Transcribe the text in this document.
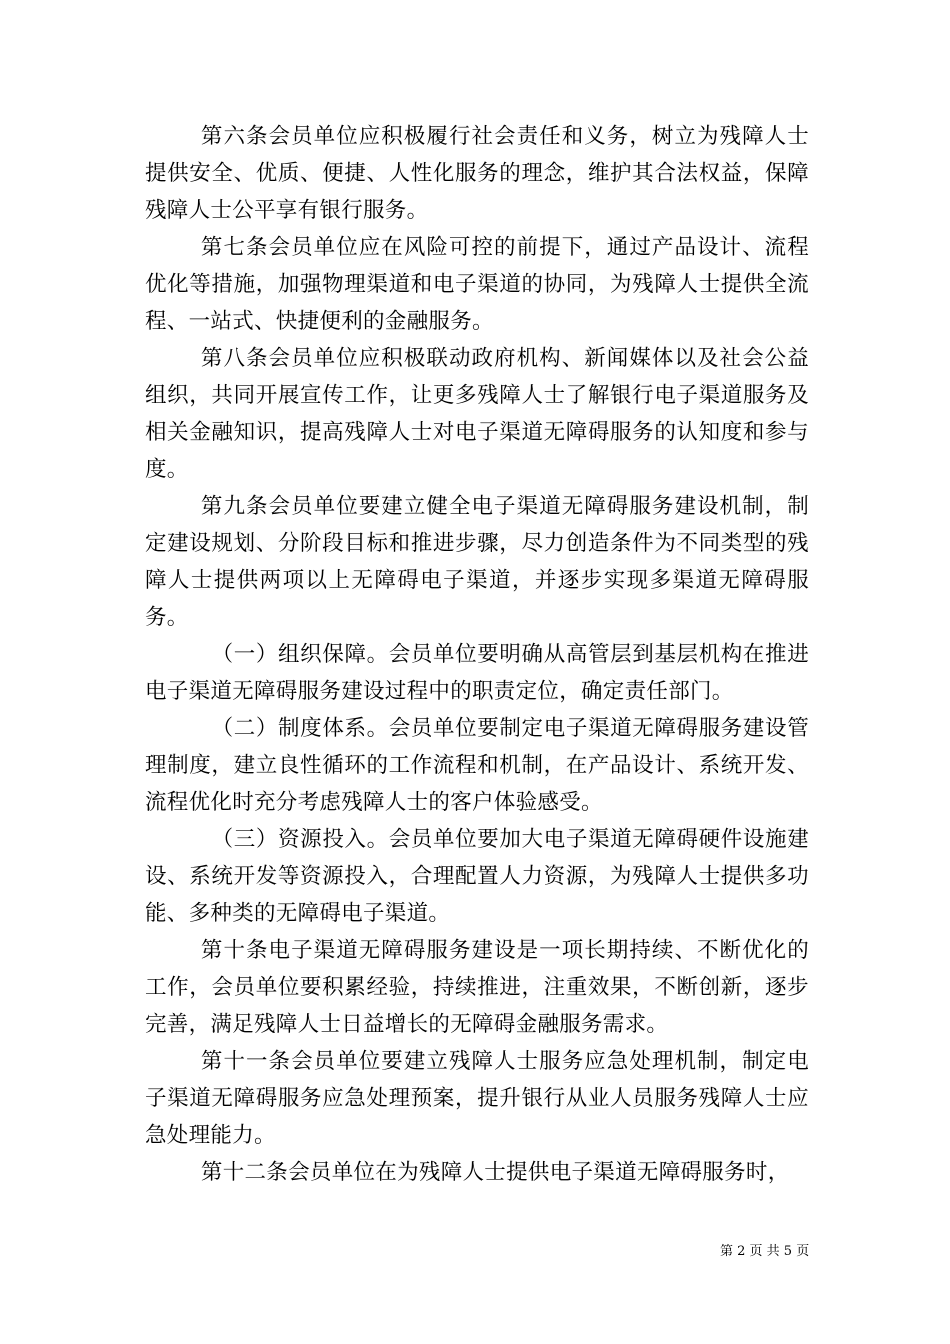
第六条会员单位应积极履行社会责任和义务，树立为残障人士提供安全、优质、便捷、人性化服务的理念，维护其合法权益，保障残障人士公平享有银行服务。

第七条会员单位应在风险可控的前提下，通过产品设计、流程优化等措施，加强物理渠道和电子渠道的协同，为残障人士提供全流程、一站式、快捷便利的金融服务。

第八条会员单位应积极联动政府机构、新闻媒体以及社会公益组织，共同开展宣传工作，让更多残障人士了解银行电子渠道服务及相关金融知识，提高残障人士对电子渠道无障碍服务的认知度和参与度。

第九条会员单位要建立健全电子渠道无障碍服务建设机制，制定建设规划、分阶段目标和推进步骤，尽力创造条件为不同类型的残障人士提供两项以上无障碍电子渠道，并逐步实现多渠道无障碍服务。

（一）组织保障。会员单位要明确从高管层到基层机构在推进电子渠道无障碍服务建设过程中的职责定位，确定责任部门。

（二）制度体系。会员单位要制定电子渠道无障碍服务建设管理制度，建立良性循环的工作流程和机制，在产品设计、系统开发、流程优化时充分考虑残障人士的客户体验感受。

（三）资源投入。会员单位要加大电子渠道无障碍硬件设施建设、系统开发等资源投入，合理配置人力资源，为残障人士提供多功能、多种类的无障碍电子渠道。

第十条电子渠道无障碍服务建设是一项长期持续、不断优化的工作，会员单位要积累经验，持续推进，注重效果，不断创新，逐步完善，满足残障人士日益增长的无障碍金融服务需求。

第十一条会员单位要建立残障人士服务应急处理机制，制定电子渠道无障碍服务应急处理预案，提升银行从业人员服务残障人士应急处理能力。

第十二条会员单位在为残障人士提供电子渠道无障碍服务时，

第 2 页 共 5 页
